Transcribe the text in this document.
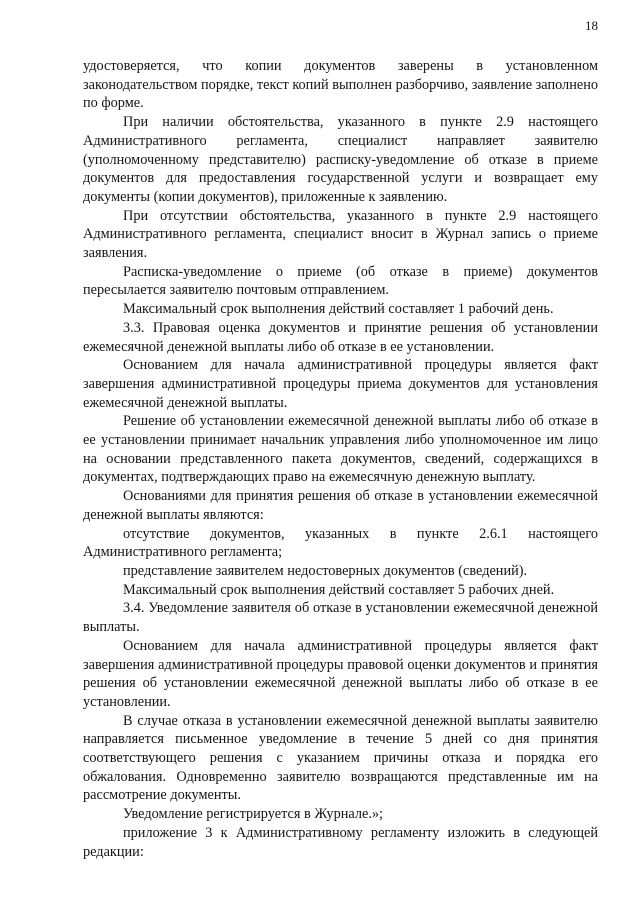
18

удостоверяется, что копии документов заверены в установленном законодательством порядке, текст копий выполнен разборчиво, заявление заполнено по форме.

При наличии обстоятельства, указанного в пункте 2.9 настоящего Административного регламента, специалист направляет заявителю (уполномоченному представителю) расписку-уведомление об отказе в приеме документов для предоставления государственной услуги и возвращает ему документы (копии документов), приложенные к заявлению.

При отсутствии обстоятельства, указанного в пункте 2.9 настоящего Административного регламента, специалист вносит в Журнал запись о приеме заявления.

Расписка-уведомление о приеме (об отказе в приеме) документов пересылается заявителю почтовым отправлением.

Максимальный срок выполнения действий составляет 1 рабочий день.

3.3. Правовая оценка документов и принятие решения об установлении ежемесячной денежной выплаты либо об отказе в ее установлении.

Основанием для начала административной процедуры является факт завершения административной процедуры приема документов для установления ежемесячной денежной выплаты.

Решение об установлении ежемесячной денежной выплаты либо об отказе в ее установлении принимает начальник управления либо уполномоченное им лицо на основании представленного пакета документов, сведений, содержащихся в документах, подтверждающих право на ежемесячную денежную выплату.

Основаниями для принятия решения об отказе в установлении ежемесячной денежной выплаты являются:

отсутствие документов, указанных в пункте 2.6.1 настоящего Административного регламента;

представление заявителем недостоверных документов (сведений).

Максимальный срок выполнения действий составляет 5 рабочих дней.

3.4. Уведомление заявителя об отказе в установлении ежемесячной денежной выплаты.

Основанием для начала административной процедуры является факт завершения административной процедуры правовой оценки документов и принятия решения об установлении ежемесячной денежной выплаты либо об отказе в ее установлении.

В случае отказа в установлении ежемесячной денежной выплаты заявителю направляется письменное уведомление в течение 5 дней со дня принятия соответствующего решения с указанием причины отказа и порядка его обжалования. Одновременно заявителю возвращаются представленные им на рассмотрение документы.

Уведомление регистрируется в Журнале.»;

приложение 3 к Административному регламенту изложить в следующей редакции:
